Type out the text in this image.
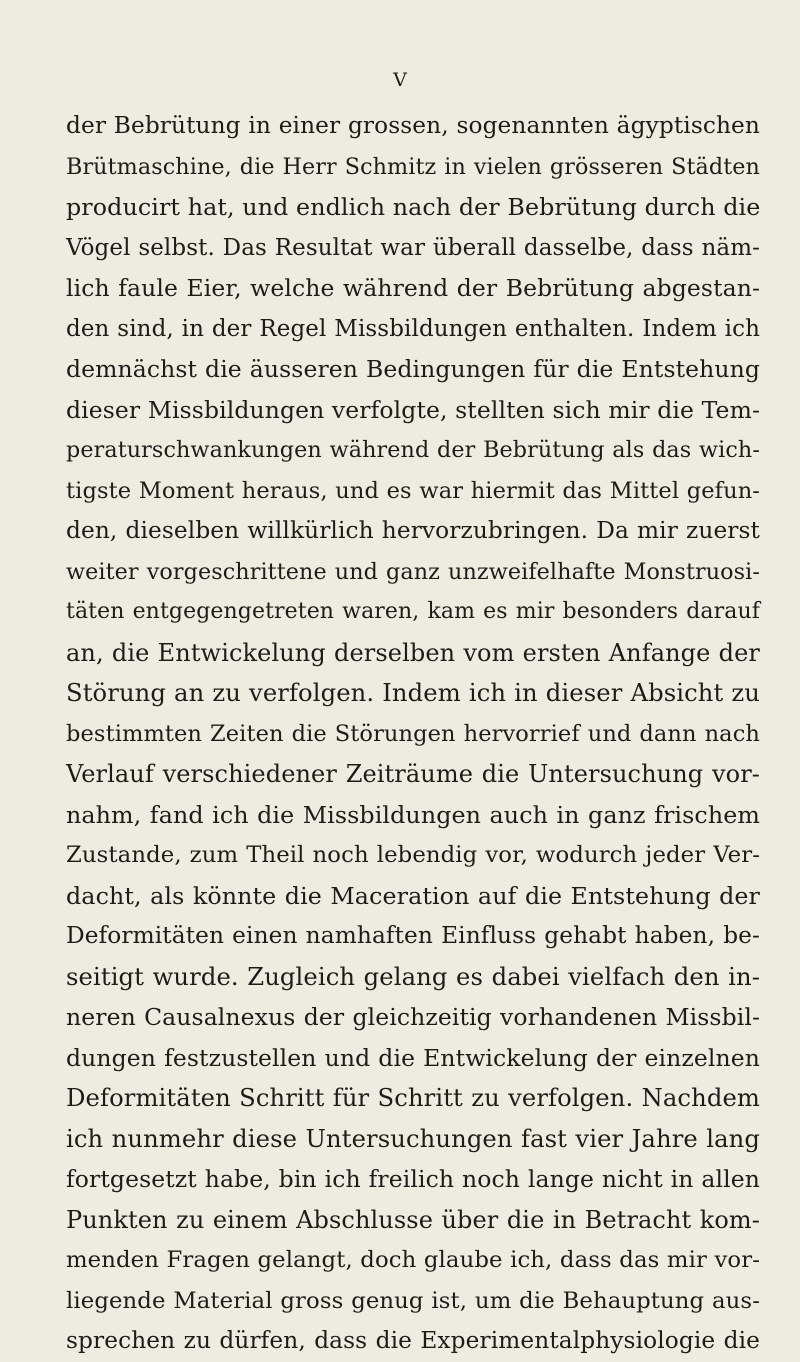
V
der Bebrütung in einer grossen, sogenannten ägyptischen
Brütmaschine, die Herr Schmitz in vielen grösseren Städten
producirt hat, und endlich nach der Bebrütung durch die
Vögel selbst. Das Resultat war überall dasselbe, dass näm-
lich faule Eier, welche während der Bebrütung abgestan-
den sind, in der Regel Missbildungen enthalten. Indem ich
demnächst die äusseren Bedingungen für die Entstehung
dieser Missbildungen verfolgte, stellten sich mir die Tem-
peraturschwankungen während der Bebrütung als das wich-
tigste Moment heraus, und es war hiermit das Mittel gefun-
den, dieselben willkürlich hervorzubringen. Da mir zuerst
weiter vorgeschrittene und ganz unzweifelhafte Monstruosi-
täten entgegengetreten waren, kam es mir besonders darauf
an, die Entwickelung derselben vom ersten Anfange der
Störung an zu verfolgen. Indem ich in dieser Absicht zu
bestimmten Zeiten die Störungen hervorrief und dann nach
Verlauf verschiedener Zeiträume die Untersuchung vor-
nahm, fand ich die Missbildungen auch in ganz frischem
Zustande, zum Theil noch lebendig vor, wodurch jeder Ver-
dacht, als könnte die Maceration auf die Entstehung der
Deformitäten einen namhaften Einfluss gehabt haben, be-
seitigt wurde. Zugleich gelang es dabei vielfach den in-
neren Causalnexus der gleichzeitig vorhandenen Missbil-
dungen festzustellen und die Entwickelung der einzelnen
Deformitäten Schritt für Schritt zu verfolgen. Nachdem
ich nunmehr diese Untersuchungen fast vier Jahre lang
fortgesetzt habe, bin ich freilich noch lange nicht in allen
Punkten zu einem Abschlusse über die in Betracht kom-
menden Fragen gelangt, doch glaube ich, dass das mir vor-
liegende Material gross genug ist, um die Behauptung aus-
sprechen zu dürfen, dass die Experimentalphysiologie die
